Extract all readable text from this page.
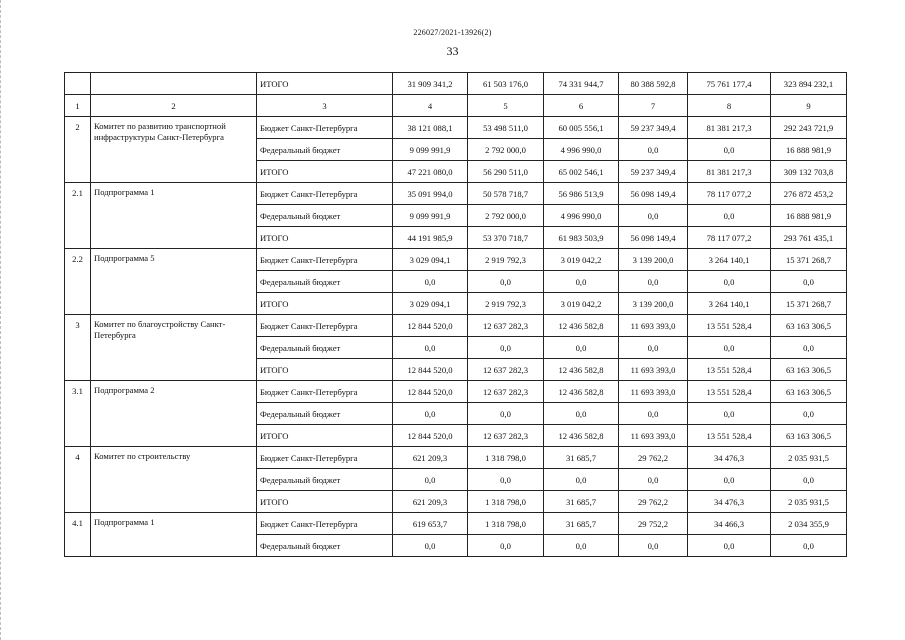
226027/2021-13926(2)
33
		ИТОГО	31 909 341,2	61 503 176,0	74 331 944,7	80 388 592,8	75 761 177,4	323 894 232,1
1	2	3	4	5	6	7	8	9
2	Комитет по развитию транспортной инфраструктуры Санкт-Петербурга	Бюджет Санкт-Петербурга	38 121 088,1	53 498 511,0	60 005 556,1	59 237 349,4	81 381 217,3	292 243 721,9
		Федеральный бюджет	9 099 991,9	2 792 000,0	4 996 990,0	0,0	0,0	16 888 981,9
		ИТОГО	47 221 080,0	56 290 511,0	65 002 546,1	59 237 349,4	81 381 217,3	309 132 703,8
2.1	Подпрограмма 1	Бюджет Санкт-Петербурга	35 091 994,0	50 578 718,7	56 986 513,9	56 098 149,4	78 117 077,2	276 872 453,2
		Федеральный бюджет	9 099 991,9	2 792 000,0	4 996 990,0	0,0	0,0	16 888 981,9
		ИТОГО	44 191 985,9	53 370 718,7	61 983 503,9	56 098 149,4	78 117 077,2	293 761 435,1
2.2	Подпрограмма 5	Бюджет Санкт-Петербурга	3 029 094,1	2 919 792,3	3 019 042,2	3 139 200,0	3 264 140,1	15 371 268,7
		Федеральный бюджет	0,0	0,0	0,0	0,0	0,0	0,0
		ИТОГО	3 029 094,1	2 919 792,3	3 019 042,2	3 139 200,0	3 264 140,1	15 371 268,7
3	Комитет по благоустройству Санкт-Петербурга	Бюджет Санкт-Петербурга	12 844 520,0	12 637 282,3	12 436 582,8	11 693 393,0	13 551 528,4	63 163 306,5
		Федеральный бюджет	0,0	0,0	0,0	0,0	0,0	0,0
		ИТОГО	12 844 520,0	12 637 282,3	12 436 582,8	11 693 393,0	13 551 528,4	63 163 306,5
3.1	Подпрограмма 2	Бюджет Санкт-Петербурга	12 844 520,0	12 637 282,3	12 436 582,8	11 693 393,0	13 551 528,4	63 163 306,5
		Федеральный бюджет	0,0	0,0	0,0	0,0	0,0	0,0
		ИТОГО	12 844 520,0	12 637 282,3	12 436 582,8	11 693 393,0	13 551 528,4	63 163 306,5
4	Комитет по строительству	Бюджет Санкт-Петербурга	621 209,3	1 318 798,0	31 685,7	29 762,2	34 476,3	2 035 931,5
		Федеральный бюджет	0,0	0,0	0,0	0,0	0,0	0,0
		ИТОГО	621 209,3	1 318 798,0	31 685,7	29 762,2	34 476,3	2 035 931,5
4.1	Подпрограмма 1	Бюджет Санкт-Петербурга	619 653,7	1 318 798,0	31 685,7	29 752,2	34 466,3	2 034 355,9
		Федеральный бюджет	0,0	0,0	0,0	0,0	0,0	0,0
